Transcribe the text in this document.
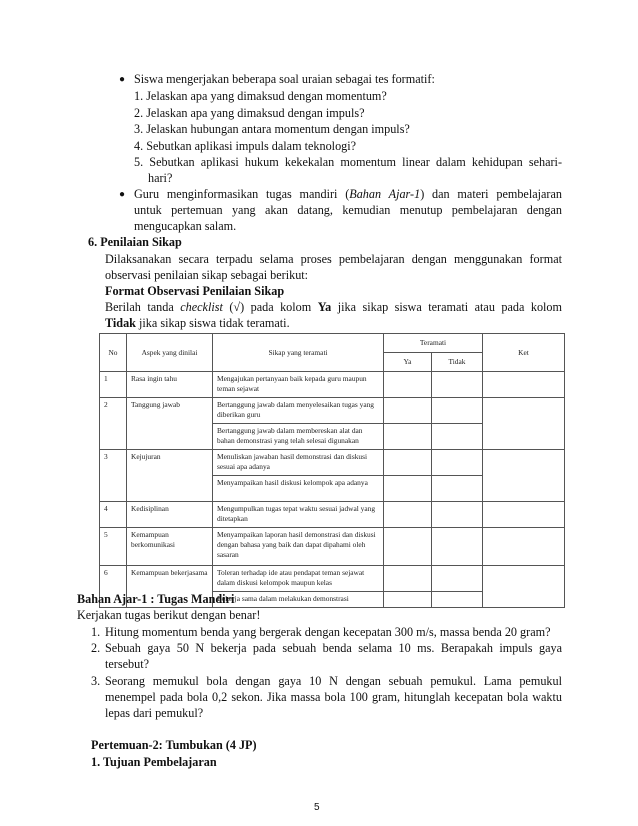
● Siswa mengerjakan beberapa soal uraian sebagai tes formatif:
1. Jelaskan apa yang dimaksud dengan momentum?
2. Jelaskan apa yang dimaksud dengan impuls?
3. Jelaskan hubungan antara momentum dengan impuls?
4. Sebutkan aplikasi impuls dalam teknologi?
5. Sebutkan aplikasi hukum kekekalan momentum linear dalam kehidupan sehari-
hari?
● Guru menginformasikan tugas mandiri (Bahan Ajar-1) dan materi pembelajaran
untuk pertemuan yang akan datang, kemudian menutup pembelajaran dengan
mengucapkan salam.
6. Penilaian Sikap
Dilaksanakan secara terpadu selama proses pembelajaran dengan menggunakan format
observasi penilaian sikap sebagai berikut:
Format Observasi Penilaian Sikap
Berilah tanda checklist (√) pada kolom Ya jika sikap siswa teramati atau pada kolom
Tidak jika sikap siswa tidak teramati.
No	Aspek yang dinilai	Sikap yang teramati	Teramati		Ket
			Ya	Tidak	
1	Rasa ingin tahu	Mengajukan pertanyaan baik kepada guru maupun teman sejawat			
2	Tanggung jawab	Bertanggung jawab dalam menyelesaikan tugas yang diberikan guru			
		Bertanggung jawab dalam membereskan alat dan bahan demonstrasi yang telah selesai digunakan			
3	Kejujuran	Menuliskan jawaban hasil demonstrasi dan diskusi sesuai apa adanya			
		Menyampaikan hasil diskusi kelompok apa adanya			
4	Kedisiplinan	Mengumpulkan tugas tepat waktu sesuai jadwal yang ditetapkan			
5	Kemampuan berkomunikasi	Menyampaikan laporan hasil demonstrasi dan diskusi dengan bahasa yang baik dan dapat dipahami oleh sasaran			
6	Kemampuan bekerjasama	Toleran terhadap ide atau pendapat teman sejawat dalam diskusi kelompok maupun kelas			
		Bekerja sama dalam melakukan demonstrasi			
Bahan Ajar-1 : Tugas Mandiri
Kerjakan tugas berikut dengan benar!
1. Hitung momentum benda yang bergerak dengan kecepatan 300 m/s, massa benda 20 gram?
2. Sebuah gaya 50 N bekerja pada sebuah benda selama 10 ms. Berapakah impuls gaya
tersebut?
3. Seorang memukul bola dengan gaya 10 N dengan sebuah pemukul. Lama pemukul
menempel pada bola 0,2 sekon. Jika massa bola 100 gram, hitunglah kecepatan bola waktu
lepas dari pemukul?
Pertemuan-2: Tumbukan (4 JP)
1. Tujuan Pembelajaran
5
